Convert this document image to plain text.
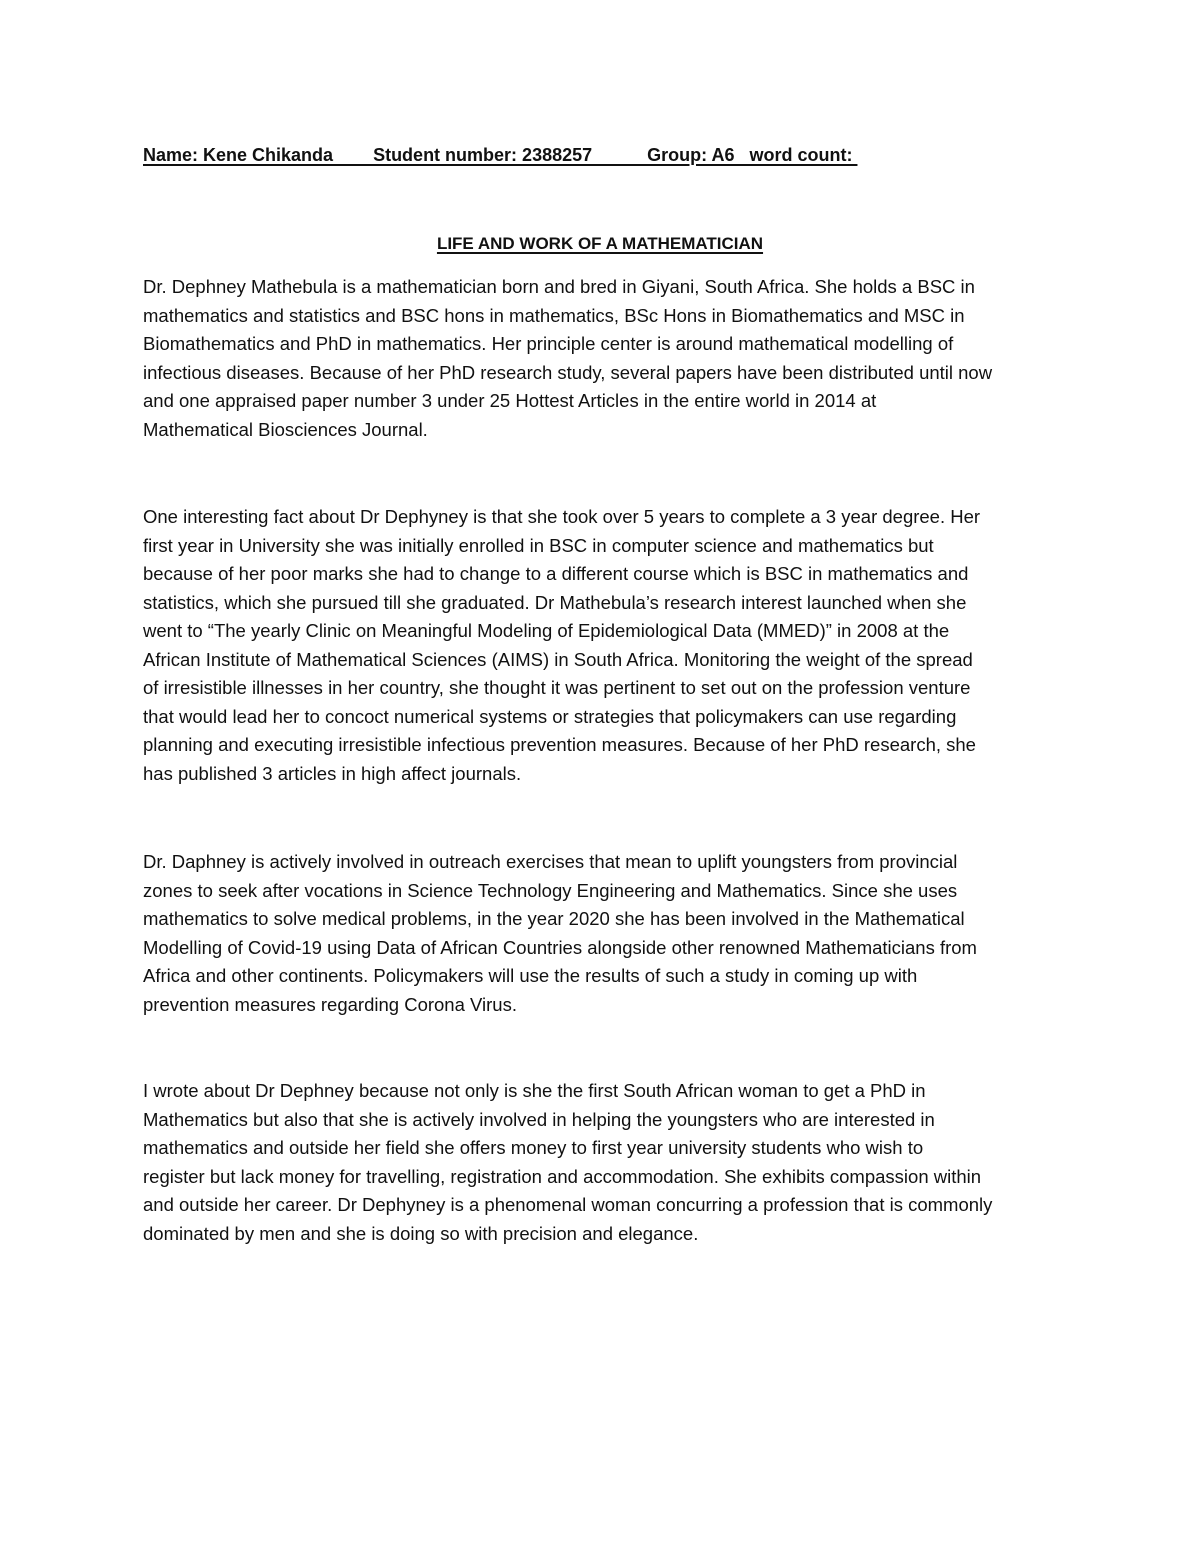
Name: Kene Chikanda        Student number: 2388257           Group: A6   word count:
LIFE AND WORK OF A MATHEMATICIAN
Dr. Dephney Mathebula is a mathematician born and bred in Giyani, South Africa. She holds a BSC in
mathematics and statistics and BSC hons in mathematics, BSc Hons in Biomathematics and MSC in
Biomathematics and PhD in mathematics. Her principle center is around mathematical modelling of
infectious diseases. Because of her PhD research study, several papers have been distributed until now
and one appraised paper number 3 under 25 Hottest Articles in the entire world in 2014 at
Mathematical Biosciences Journal.
One interesting fact about Dr Dephyney is that she took over 5 years to complete a 3 year degree. Her
first year in University she was initially enrolled in BSC in computer science and mathematics but
because of her poor marks she had to change to a different course which is BSC in mathematics and
statistics, which she pursued till she graduated. Dr Mathebula’s research interest launched when she
went to “The yearly Clinic on Meaningful Modeling of Epidemiological Data (MMED)” in 2008 at the
African Institute of Mathematical Sciences (AIMS) in South Africa. Monitoring the weight of the spread
of irresistible illnesses in her country, she thought it was pertinent to set out on the profession venture
that would lead her to concoct numerical systems or strategies that policymakers can use regarding
planning and executing irresistible infectious prevention measures. Because of her PhD research, she
has published 3 articles in high affect journals.
Dr. Daphney is actively involved in outreach exercises that mean to uplift youngsters from provincial
zones to seek after vocations in Science Technology Engineering and Mathematics. Since she uses
mathematics to solve medical problems, in the year 2020 she has been involved in the Mathematical
Modelling of Covid-19 using Data of African Countries alongside other renowned Mathematicians from
Africa and other continents. Policymakers will use the results of such a study in coming up with
prevention measures regarding Corona Virus.
I wrote about Dr Dephney because not only is she the first South African woman to get a PhD in
Mathematics but also that she is actively involved in helping the youngsters who are interested in
mathematics and outside her field she offers money to first year university students who wish to
register but lack money for travelling, registration and accommodation. She exhibits compassion within
and outside her career. Dr Dephyney is a phenomenal woman concurring a profession that is commonly
dominated by men and she is doing so with precision and elegance.
